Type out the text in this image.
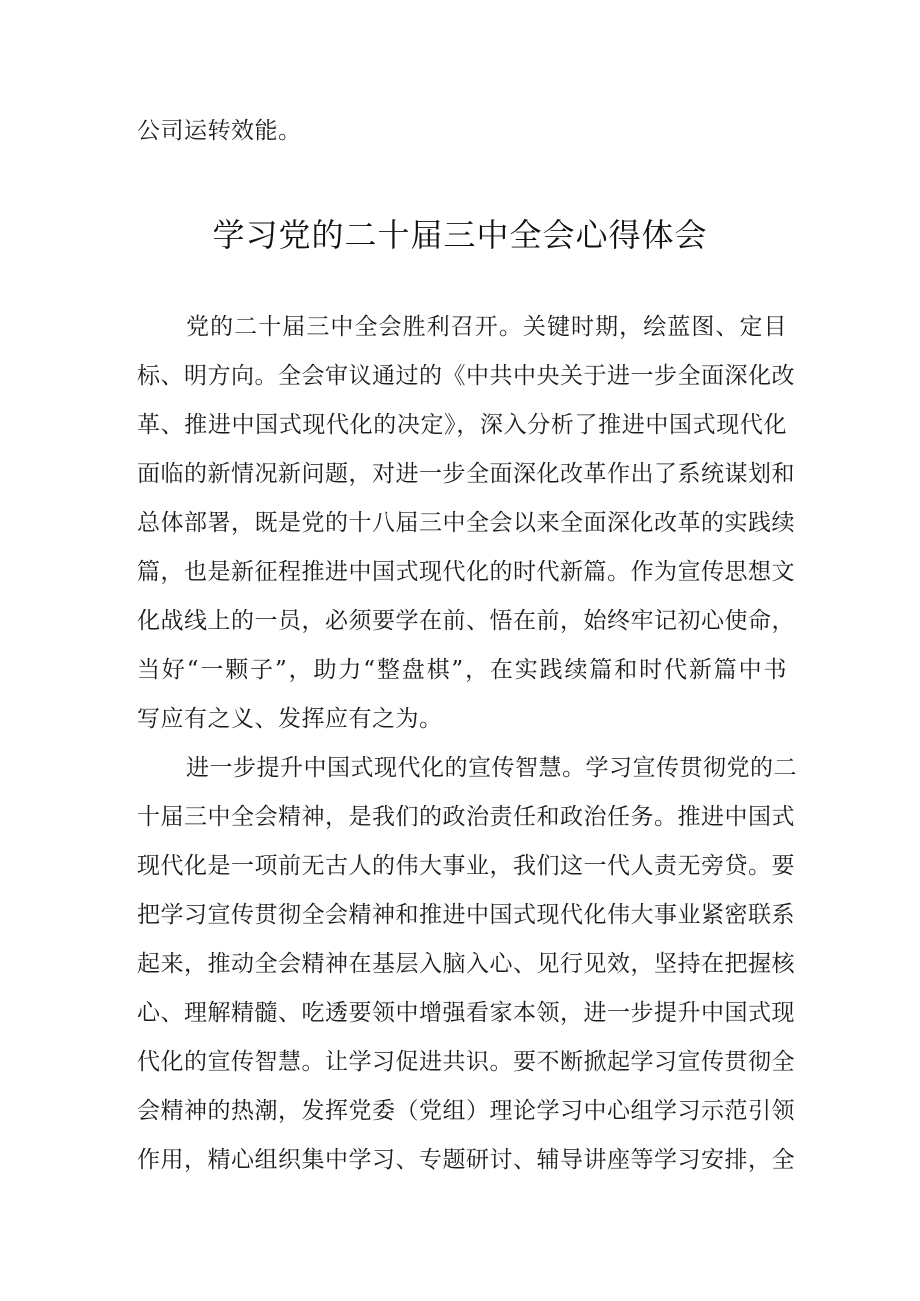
公司运转效能。
学习党的二十届三中全会心得体会
党的二十届三中全会胜利召开。关键时期，绘蓝图、定目
标、明方向。全会审议通过的《中共中央关于进一步全面深化改
革、推进中国式现代化的决定》，深入分析了推进中国式现代化
面临的新情况新问题，对进一步全面深化改革作出了系统谋划和
总体部署，既是党的十八届三中全会以来全面深化改革的实践续
篇，也是新征程推进中国式现代化的时代新篇。作为宣传思想文
化战线上的一员，必须要学在前、悟在前，始终牢记初心使命，
当好“一颗子”，助力“整盘棋”，在实践续篇和时代新篇中书
写应有之义、发挥应有之为。
进一步提升中国式现代化的宣传智慧。学习宣传贯彻党的二
十届三中全会精神，是我们的政治责任和政治任务。推进中国式
现代化是一项前无古人的伟大事业，我们这一代人责无旁贷。要
把学习宣传贯彻全会精神和推进中国式现代化伟大事业紧密联系
起来，推动全会精神在基层入脑入心、见行见效，坚持在把握核
心、理解精髓、吃透要领中增强看家本领，进一步提升中国式现
代化的宣传智慧。让学习促进共识。要不断掀起学习宣传贯彻全
会精神的热潮，发挥党委（党组）理论学习中心组学习示范引领
作用，精心组织集中学习、专题研讨、辅导讲座等学习安排，全
